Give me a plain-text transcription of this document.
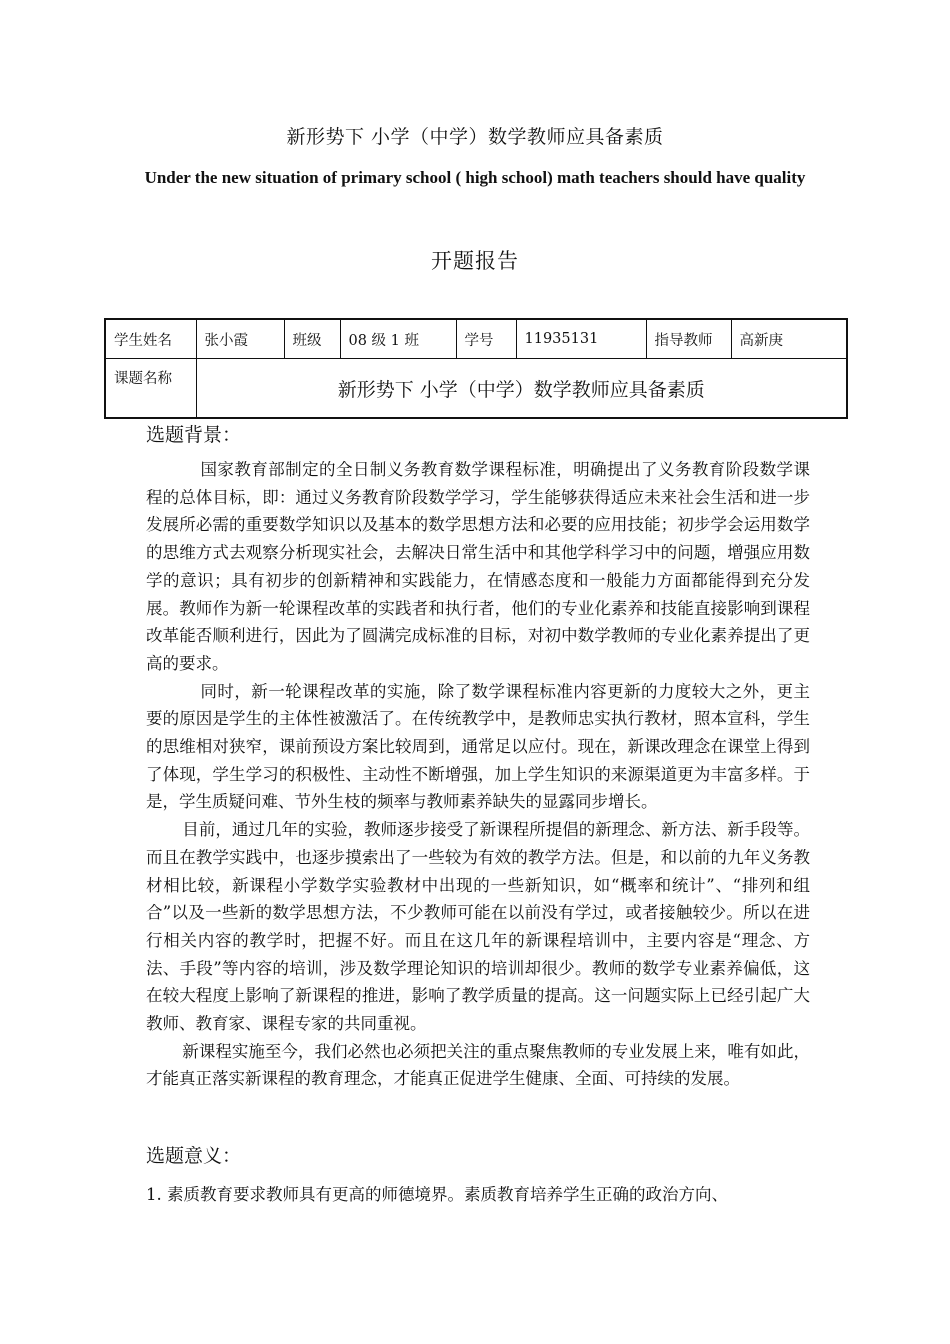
新形势下 小学（中学）数学教师应具备素质
Under the new situation of primary school ( high school) math teachers should have quality
开题报告
学生姓名	张小霞	班级	08 级 1 班	学号	11935131	指导教师	高新庚
课题名称	新形势下 小学（中学）数学教师应具备素质						
选题背景：

国家教育部制定的全日制义务教育数学课程标准，明确提出了义务教育阶段数学课程的总体目标，即：通过义务教育阶段数学学习，学生能够获得适应未来社会生活和进一步发展所必需的重要数学知识以及基本的数学思想方法和必要的应用技能；初步学会运用数学的思维方式去观察分析现实社会，去解决日常生活中和其他学科学习中的问题，增强应用数学的意识；具有初步的创新精神和实践能力，在情感态度和一般能力方面都能得到充分发展。教师作为新一轮课程改革的实践者和执行者，他们的专业化素养和技能直接影响到课程改革能否顺利进行，因此为了圆满完成标准的目标，对初中数学教师的专业化素养提出了更高的要求。

同时，新一轮课程改革的实施，除了数学课程标准内容更新的力度较大之外，更主要的原因是学生的主体性被激活了。在传统教学中，是教师忠实执行教材，照本宣科，学生的思维相对狭窄，课前预设方案比较周到，通常足以应付。现在，新课改理念在课堂上得到了体现，学生学习的积极性、主动性不断增强，加上学生知识的来源渠道更为丰富多样。于是，学生质疑问难、节外生枝的频率与教师素养缺失的显露同步增长。

目前，通过几年的实验，教师逐步接受了新课程所提倡的新理念、新方法、新手段等。而且在教学实践中，也逐步摸索出了一些较为有效的教学方法。但是，和以前的九年义务教材相比较，新课程小学数学实验教材中出现的一些新知识，如“概率和统计”、“排列和组合”以及一些新的数学思想方法，不少教师可能在以前没有学过，或者接触较少。所以在进行相关内容的教学时，把握不好。而且在这几年的新课程培训中，主要内容是“理念、方法、手段”等内容的培训，涉及数学理论知识的培训却很少。教师的数学专业素养偏低，这在较大程度上影响了新课程的推进，影响了教学质量的提高。这一问题实际上已经引起广大教师、教育家、课程专家的共同重视。

新课程实施至今，我们必然也必须把关注的重点聚焦教师的专业发展上来，唯有如此，才能真正落实新课程的教育理念，才能真正促进学生健康、全面、可持续的发展。

选题意义：
1. 素质教育要求教师具有更高的师德境界。素质教育培养学生正确的政治方向、
